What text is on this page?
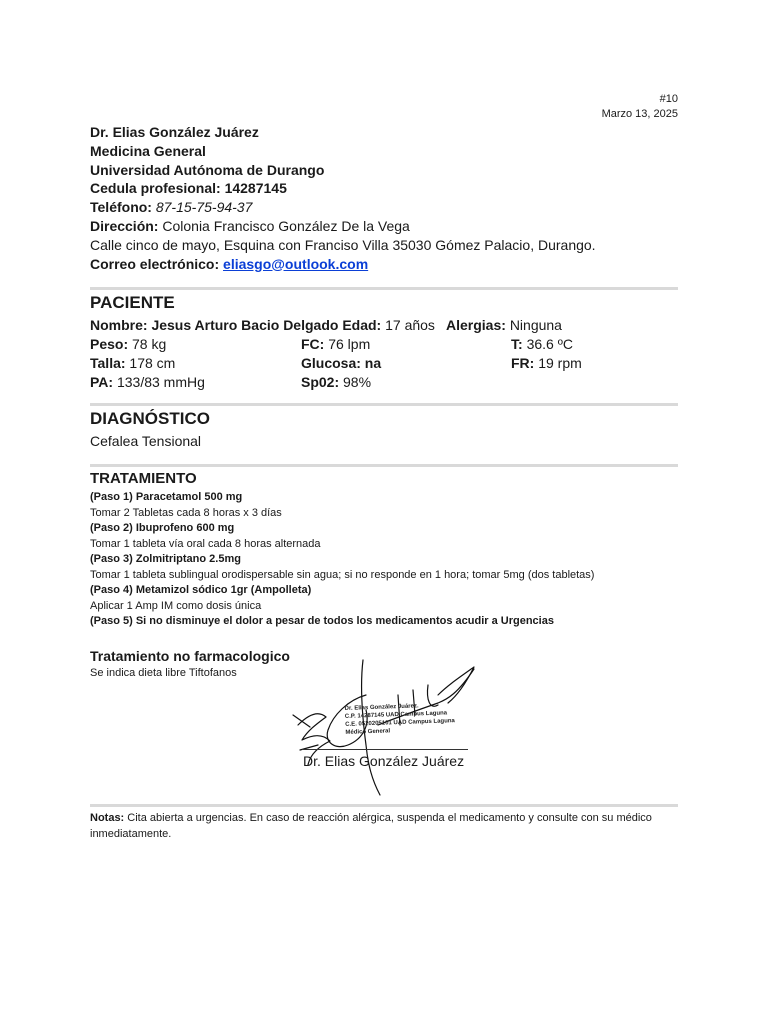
#10
Marzo 13, 2025
Dr. Elias González Juárez
Medicina General
Universidad Autónoma de Durango
Cedula profesional: 14287145
Teléfono: 87-15-75-94-37
Dirección: Colonia Francisco González De la Vega
Calle cinco de mayo, Esquina con Franciso Villa 35030 Gómez Palacio, Durango.
Correo electrónico: eliasgo@outlook.com
PACIENTE
Nombre: Jesus Arturo Bacio Delgado Edad: 17 años Alergias: Ninguna
Peso: 78 kg	FC: 76 lpm	T: 36.6 ºC
Talla: 178 cm	Glucosa: na	FR: 19 rpm
PA: 133/83 mmHg	Sp02: 98%
DIAGNÓSTICO
Cefalea Tensional
TRATAMIENTO
(Paso 1) Paracetamol 500 mg
Tomar 2 Tabletas cada 8 horas x 3 días
(Paso 2) Ibuprofeno 600 mg
Tomar 1 tableta vía oral cada 8 horas alternada
(Paso 3) Zolmitriptano 2.5mg
Tomar 1 tableta sublingual orodispersable sin agua; si no responde en 1 hora; tomar 5mg (dos tabletas)
(Paso 4) Metamizol sódico 1gr (Ampolleta)
Aplicar 1 Amp IM como dosis única
(Paso 5) Si no disminuye el dolor a pesar de todos los medicamentos acudir a Urgencias
Tratamiento no farmacologico
Se indica dieta libre Tiftofanos
Dr. Elias González Juárez.
C.P. 14287145 UAD Campus Laguna
C.E. 0520205101 UAD Campus Laguna
Médico General
Dr. Elias González Juárez
Notas: Cita abierta a urgencias. En caso de reacción alérgica, suspenda el medicamento y consulte con su médico inmediatamente.
